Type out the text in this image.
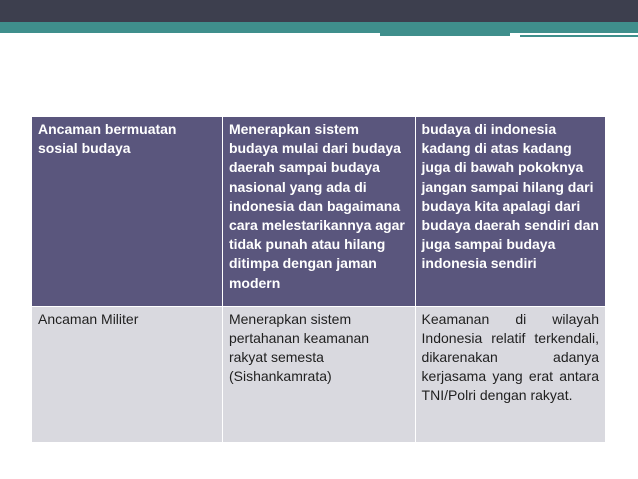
Ancaman bermuatan sosial budaya	Menerapkan sistem budaya mulai dari budaya daerah sampai budaya nasional yang ada di indonesia dan bagaimana cara melestarikannya agar tidak punah atau hilang ditimpa dengan jaman modern	budaya di indonesia kadang di atas kadang juga di bawah pokoknya jangan sampai hilang dari budaya kita apalagi dari budaya daerah sendiri dan juga sampai budaya indonesia sendiri
Ancaman Militer	Menerapkan sistem pertahanan keamanan rakyat semesta (Sishankamrata)	Keamanan di wilayah Indonesia relatif terkendali, dikarenakan adanya kerjasama yang erat antara TNI/Polri dengan rakyat.
